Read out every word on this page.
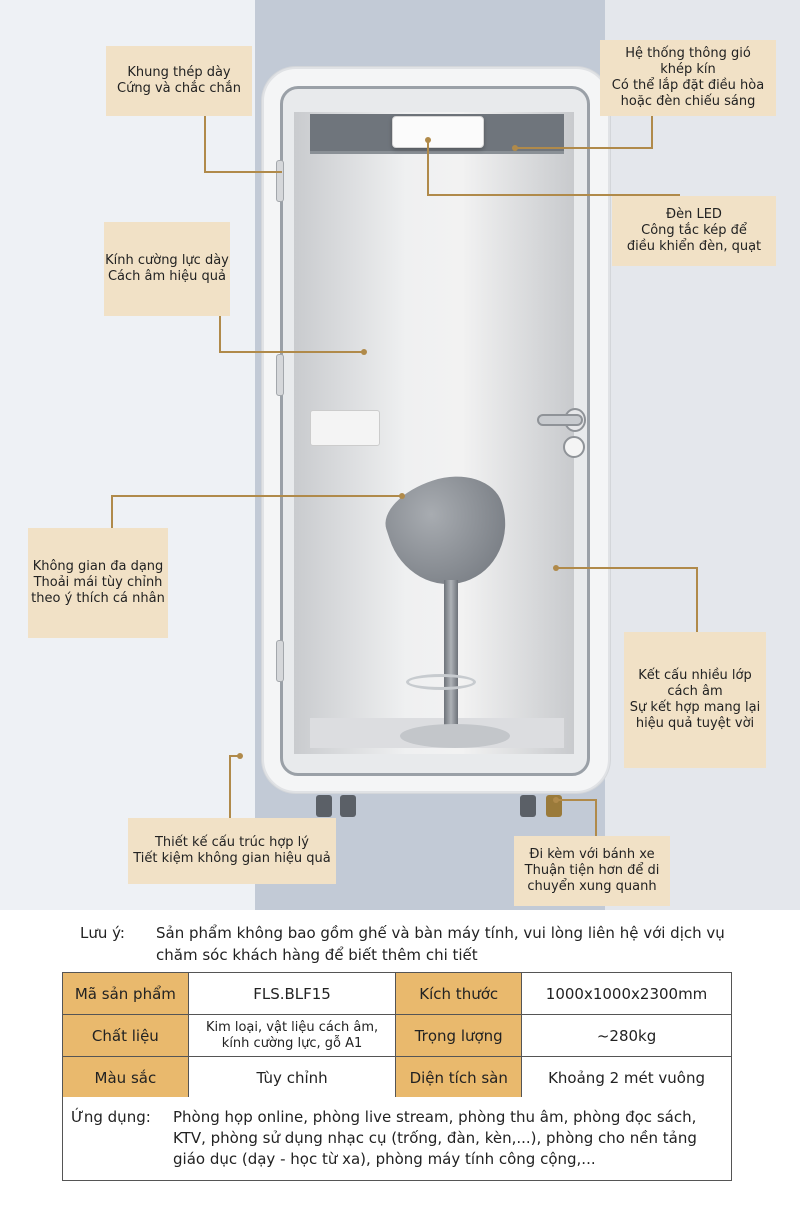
Khung thép dày
Cứng và chắc chắn
Hệ thống thông gió
khép kín
Có thể lắp đặt điều hòa
hoặc đèn chiếu sáng
Đèn LED
Công tắc kép để
điều khiển đèn, quạt
Kính cường lực dày
Cách âm hiệu quả
Không gian đa dạng
Thoải mái tùy chỉnh
theo ý thích cá nhân
Kết cấu nhiều lớp
cách âm
Sự kết hợp mang lại
hiệu quả tuyệt vời
Thiết kế cấu trúc hợp lý
Tiết kiệm không gian hiệu quả	Đi kèm với bánh xe
Thuận tiện hơn để di
chuyển xung quanh
Lưu ý: Sản phẩm không bao gồm ghế và bàn máy tính, vui lòng liên hệ với dịch vụ chăm sóc khách hàng để biết thêm chi tiết
Mã sản phẩm	FLS.BLF15	Kích thước	1000x1000x2300mm
Chất liệu	Kim loại, vật liệu cách âm,
kính cường lực, gỗ A1	Trọng lượng	~280kg
Màu sắc	Tùy chỉnh	Diện tích sàn	Khoảng 2 mét vuông
Ứng dụng: Phòng họp online, phòng live stream, phòng thu âm, phòng đọc sách, KTV, phòng sử dụng nhạc cụ (trống, đàn, kèn,...), phòng cho nền tảng giáo dục (dạy - học từ xa), phòng máy tính công cộng,...
